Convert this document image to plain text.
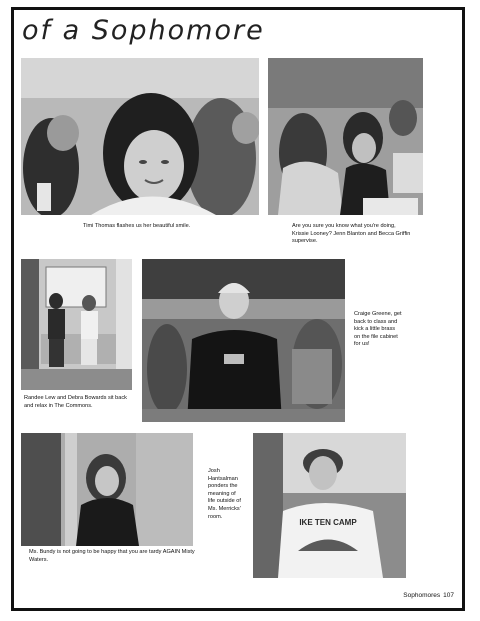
of a Sophomore

Timi Thomas flashes us her beautiful smile.	Are you sure you know what you're doing, Krissie Looney? Jenn Blanton and Becca Griffin supervise.

Randee Lew and Debra Bowards sit back and relax in The Commons.

Craige Greene, get back to class and kick a little brass on the file cabinet for us!

IKE TEN CAMP

Josh Hantsalman ponders the meaning of life outside of Ms. Merricks' room.

Ms. Bundy is not going to be happy that you are tardy AGAIN Misty Waters.

Sophomores 107
